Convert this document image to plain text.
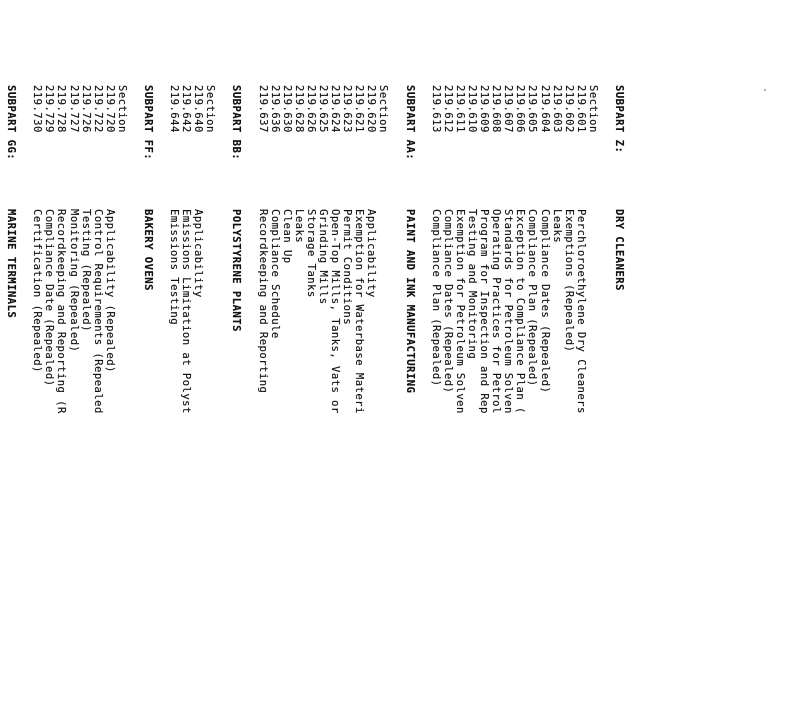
SUBPART Z:DRY CLEANERS
Section
219.601Perchloroethylene Dry Cleaners
219.602Exemptions (Repealed)
219.603Leaks
219.604Compliance Dates (Repealed)
219.605Compliance Plan (Repealed)
219.606Exception to Compliance Plan (
219.607Standards for Petroleum Solven
219.608Operating Practices for Petrol
219.609Program for Inspection and Rep
219.610Testing and Monitoring
219.611Exemption for Petroleum Solven
219.612Compliance Dates (Repealed)
219.613Compliance Plan (Repealed)
SUBPART AA:PAINT AND INK MANUFACTURING
Section
219.620Applicability
219.621Exemption for Waterbase Materi
219.623Permit Conditions
219.624Open-Top Mills, Tanks, Vats or
219.625Grinding Mills
219.626Storage Tanks
219.628Leaks
219.630Clean Up
219.636Compliance Schedule
219.637Recordkeeping and Reporting
SUBPART BB:POLYSTYRENE PLANTS
Section
219.640Applicability
219.642Emissions Limitation at Polyst
219.644Emissions Testing
SUBPART FF:BAKERY OVENS
Section
219.720Applicability (Repealed)
219.722Control Requirements (Repealed
219.726Testing (Repealed)
219.727Monitoring (Repealed)
219.728Recordkeeping and Reporting (R
219.729Compliance Date (Repealed)
219.730Certification (Repealed)
SUBPART GG:MARINE TERMINALS
